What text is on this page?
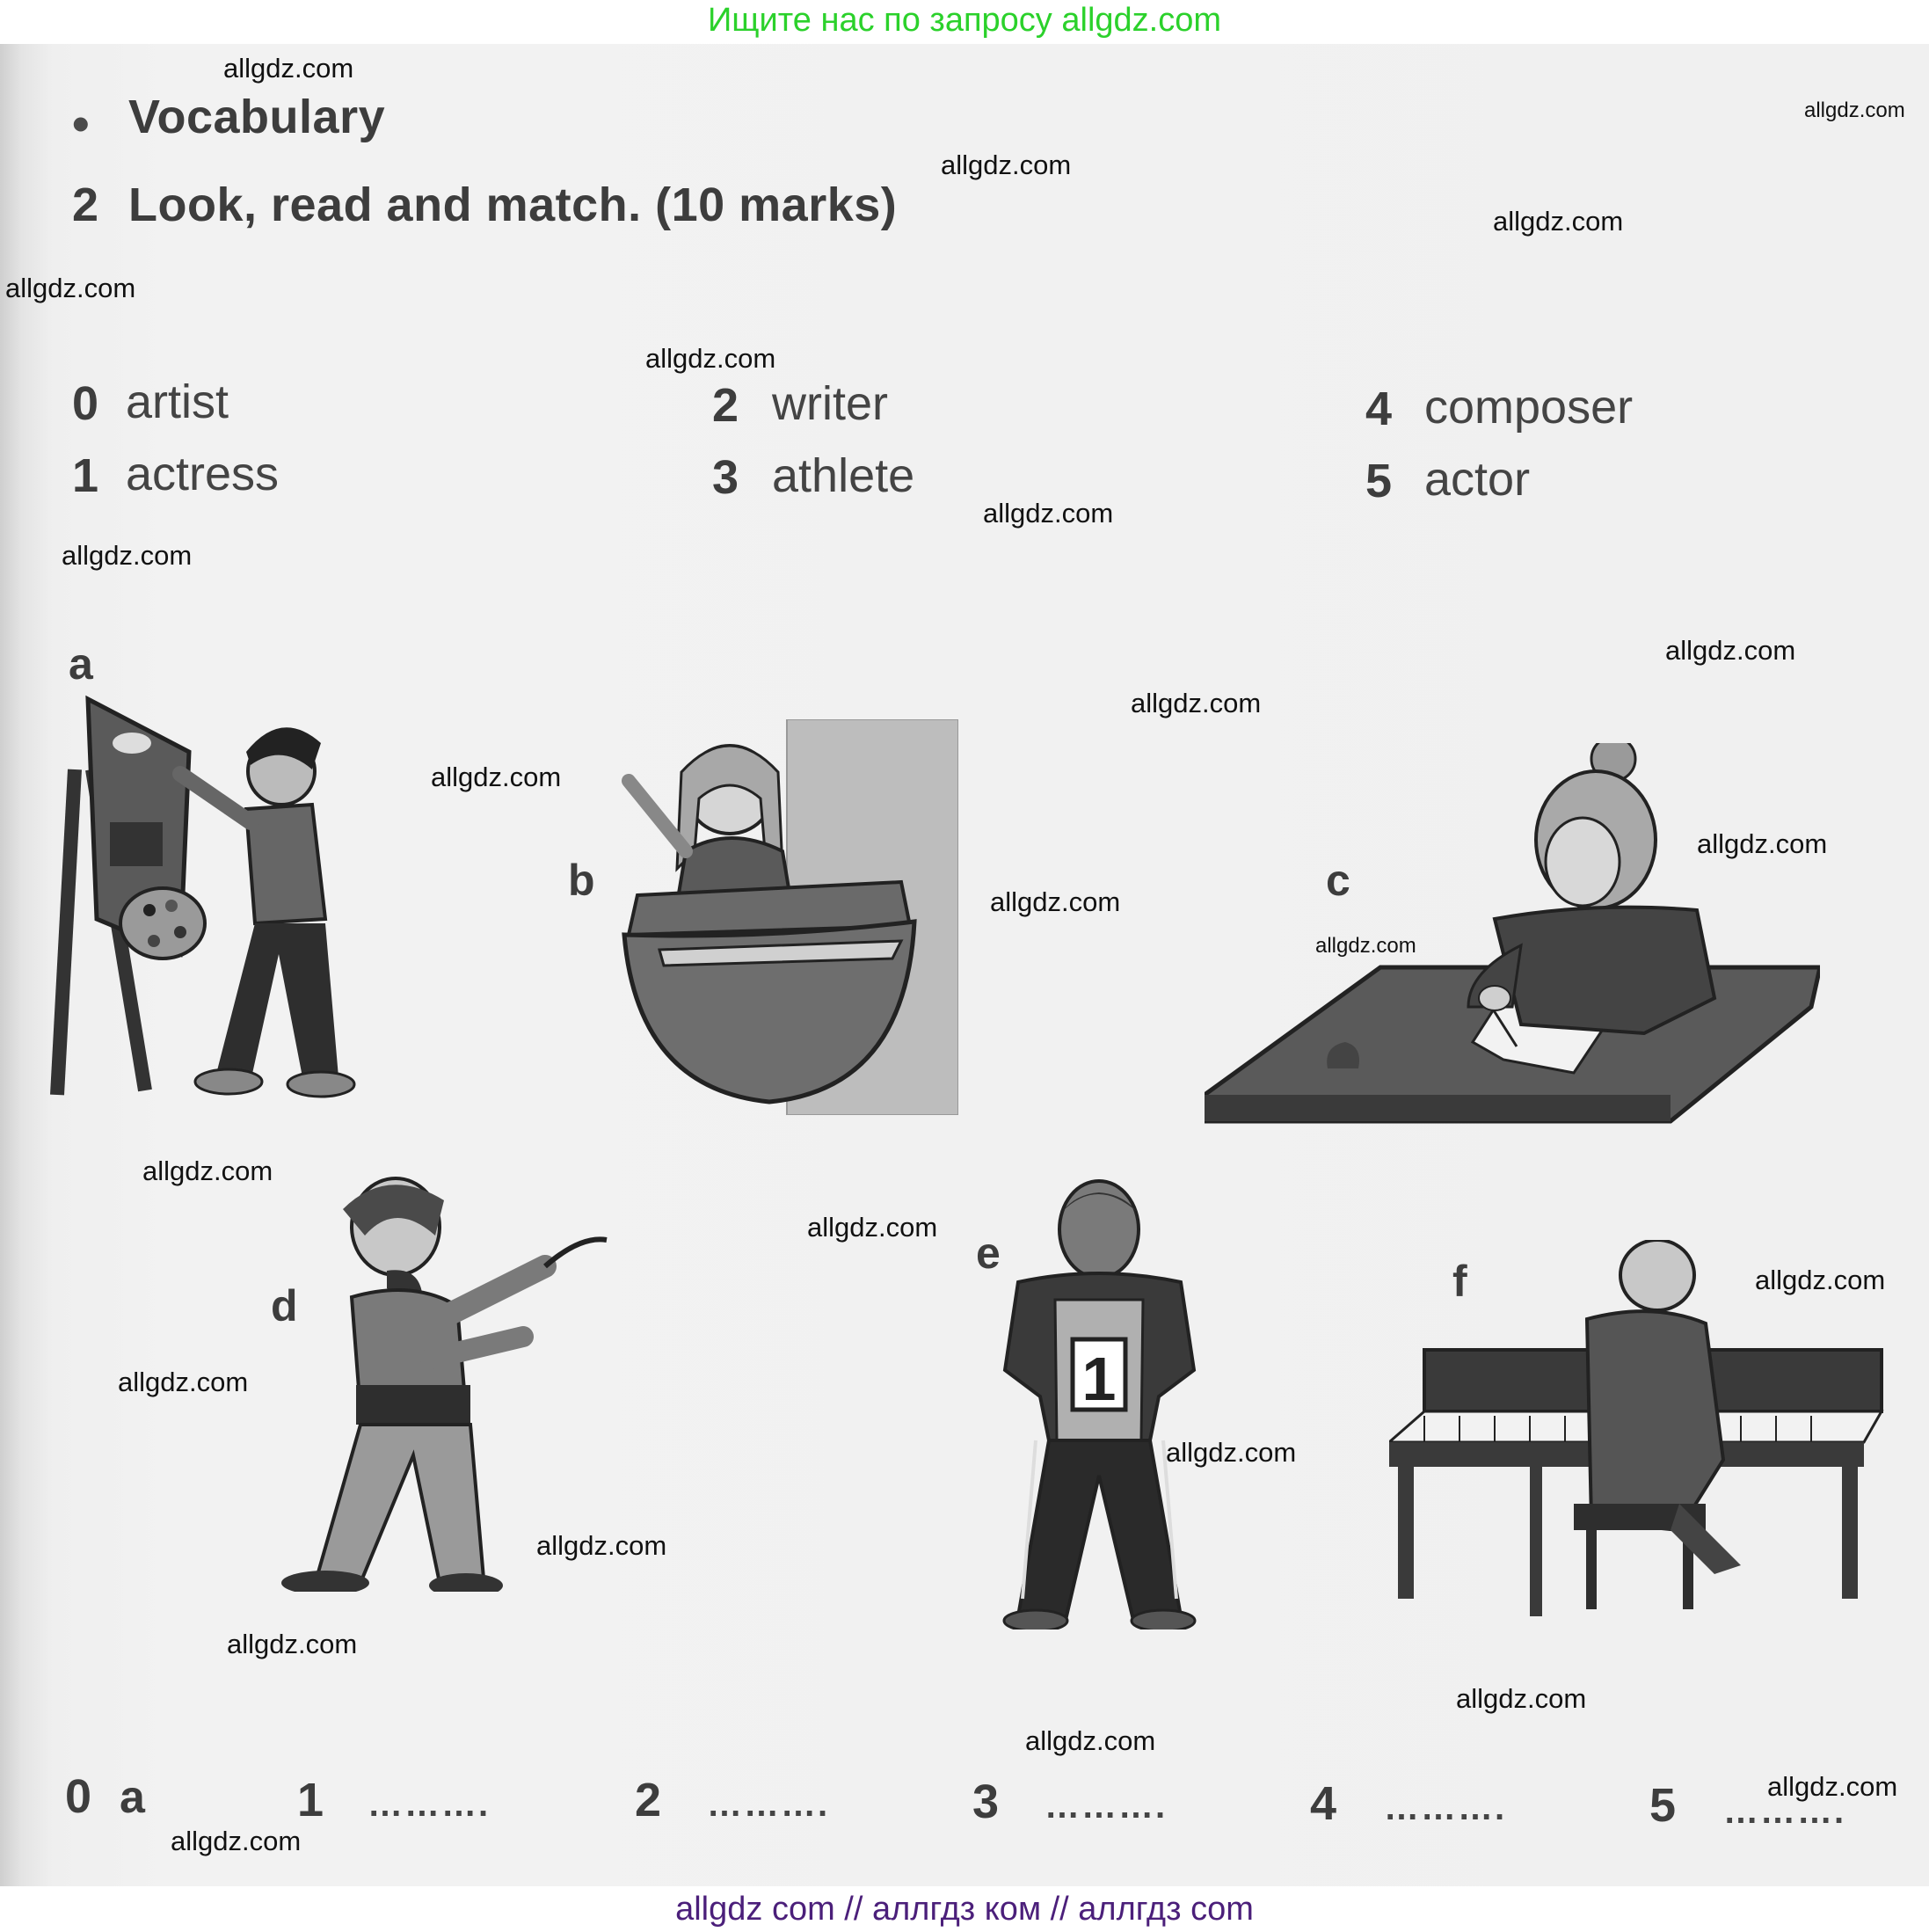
Ищите нас по запросу allgdz.com
• Vocabulary
2 Look, read and match. (10 marks)
0 artist
1 actress
2 writer
3 athlete
4 composer
5 actor
a
b	c
d
e
f
1
0 a	1 ……….	2 ……….	3 ……….	4 ……….	5 ……….
allgdz.com
allgdz.com
allgdz.com
allgdz.com
allgdz.com
allgdz.com
allgdz.com
allgdz.com
allgdz.com
allgdz.com
allgdz.com
allgdz.com
allgdz.com
allgdz.com
allgdz.com
allgdz.com
allgdz.com
allgdz.com
allgdz.com
allgdz.com
allgdz.com
allgdz.com
allgdz.com
allgdz.com
allgdz.com
allgdz com // аллгдз ком // аллгдз com
